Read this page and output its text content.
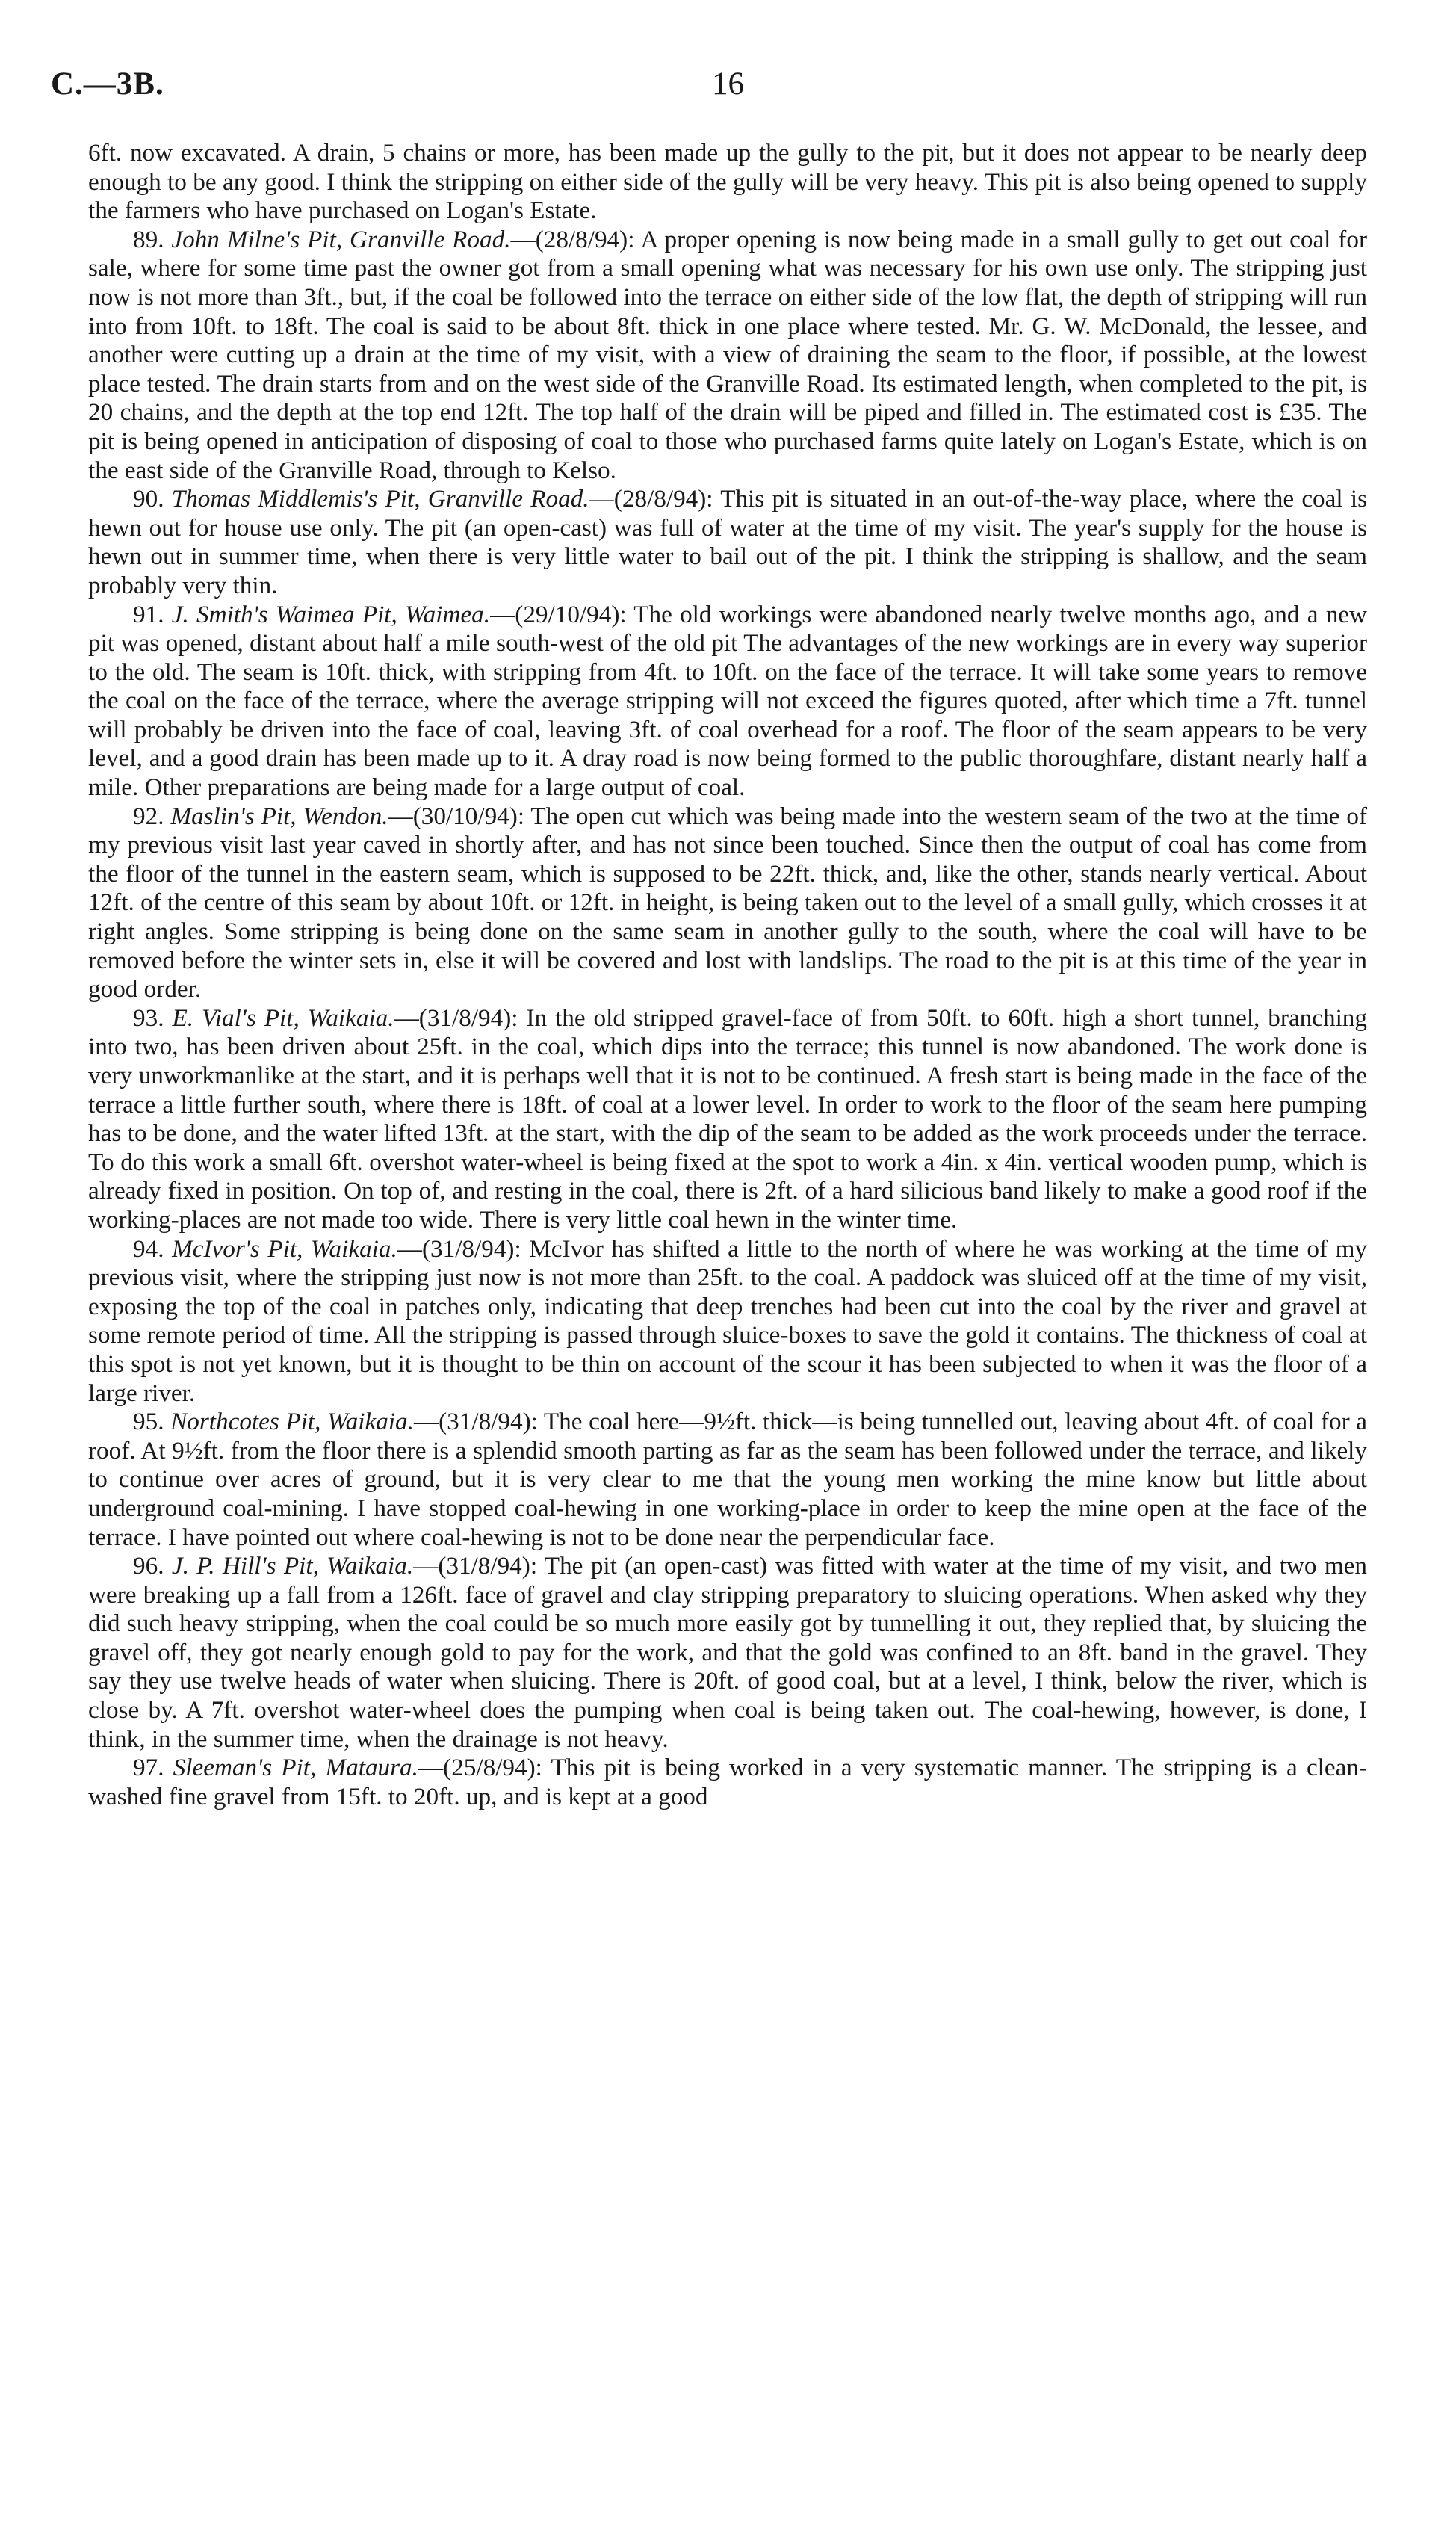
C.—3B.	16

6ft. now excavated. A drain, 5 chains or more, has been made up the gully to the pit, but it does not appear to be nearly deep enough to be any good. I think the stripping on either side of the gully will be very heavy. This pit is also being opened to supply the farmers who have purchased on Logan's Estate.

89. John Milne's Pit, Granville Road.—(28/8/94): A proper opening is now being made in a small gully to get out coal for sale, where for some time past the owner got from a small opening what was necessary for his own use only. The stripping just now is not more than 3ft., but, if the coal be followed into the terrace on either side of the low flat, the depth of stripping will run into from 10ft. to 18ft. The coal is said to be about 8ft. thick in one place where tested. Mr. G. W. McDonald, the lessee, and another were cutting up a drain at the time of my visit, with a view of draining the seam to the floor, if possible, at the lowest place tested. The drain starts from and on the west side of the Granville Road. Its estimated length, when completed to the pit, is 20 chains, and the depth at the top end 12ft. The top half of the drain will be piped and filled in. The estimated cost is £35. The pit is being opened in anticipation of disposing of coal to those who purchased farms quite lately on Logan's Estate, which is on the east side of the Granville Road, through to Kelso.

90. Thomas Middlemis's Pit, Granville Road.—(28/8/94): This pit is situated in an out-of-the-way place, where the coal is hewn out for house use only. The pit (an open-cast) was full of water at the time of my visit. The year's supply for the house is hewn out in summer time, when there is very little water to bail out of the pit. I think the stripping is shallow, and the seam probably very thin.

91. J. Smith's Waimea Pit, Waimea.—(29/10/94): The old workings were abandoned nearly twelve months ago, and a new pit was opened, distant about half a mile south-west of the old pit The advantages of the new workings are in every way superior to the old. The seam is 10ft. thick, with stripping from 4ft. to 10ft. on the face of the terrace. It will take some years to remove the coal on the face of the terrace, where the average stripping will not exceed the figures quoted, after which time a 7ft. tunnel will probably be driven into the face of coal, leaving 3ft. of coal overhead for a roof. The floor of the seam appears to be very level, and a good drain has been made up to it. A dray road is now being formed to the public thoroughfare, distant nearly half a mile. Other preparations are being made for a large output of coal.

92. Maslin's Pit, Wendon.—(30/10/94): The open cut which was being made into the western seam of the two at the time of my previous visit last year caved in shortly after, and has not since been touched. Since then the output of coal has come from the floor of the tunnel in the eastern seam, which is supposed to be 22ft. thick, and, like the other, stands nearly vertical. About 12ft. of the centre of this seam by about 10ft. or 12ft. in height, is being taken out to the level of a small gully, which crosses it at right angles. Some stripping is being done on the same seam in another gully to the south, where the coal will have to be removed before the winter sets in, else it will be covered and lost with landslips. The road to the pit is at this time of the year in good order.

93. E. Vial's Pit, Waikaia.—(31/8/94): In the old stripped gravel-face of from 50ft. to 60ft. high a short tunnel, branching into two, has been driven about 25ft. in the coal, which dips into the terrace; this tunnel is now abandoned. The work done is very unworkmanlike at the start, and it is perhaps well that it is not to be continued. A fresh start is being made in the face of the terrace a little further south, where there is 18ft. of coal at a lower level. In order to work to the floor of the seam here pumping has to be done, and the water lifted 13ft. at the start, with the dip of the seam to be added as the work proceeds under the terrace. To do this work a small 6ft. overshot water-wheel is being fixed at the spot to work a 4in. x 4in. vertical wooden pump, which is already fixed in position. On top of, and resting in the coal, there is 2ft. of a hard silicious band likely to make a good roof if the working-places are not made too wide. There is very little coal hewn in the winter time.

94. McIvor's Pit, Waikaia.—(31/8/94): McIvor has shifted a little to the north of where he was working at the time of my previous visit, where the stripping just now is not more than 25ft. to the coal. A paddock was sluiced off at the time of my visit, exposing the top of the coal in patches only, indicating that deep trenches had been cut into the coal by the river and gravel at some remote period of time. All the stripping is passed through sluice-boxes to save the gold it contains. The thickness of coal at this spot is not yet known, but it is thought to be thin on account of the scour it has been subjected to when it was the floor of a large river.

95. Northcotes Pit, Waikaia.—(31/8/94): The coal here—9½ft. thick—is being tunnelled out, leaving about 4ft. of coal for a roof. At 9½ft. from the floor there is a splendid smooth parting as far as the seam has been followed under the terrace, and likely to continue over acres of ground, but it is very clear to me that the young men working the mine know but little about underground coal-mining. I have stopped coal-hewing in one working-place in order to keep the mine open at the face of the terrace. I have pointed out where coal-hewing is not to be done near the perpendicular face.

96. J. P. Hill's Pit, Waikaia.—(31/8/94): The pit (an open-cast) was fitted with water at the time of my visit, and two men were breaking up a fall from a 126ft. face of gravel and clay stripping preparatory to sluicing operations. When asked why they did such heavy stripping, when the coal could be so much more easily got by tunnelling it out, they replied that, by sluicing the gravel off, they got nearly enough gold to pay for the work, and that the gold was confined to an 8ft. band in the gravel. They say they use twelve heads of water when sluicing. There is 20ft. of good coal, but at a level, I think, below the river, which is close by. A 7ft. overshot water-wheel does the pumping when coal is being taken out. The coal-hewing, however, is done, I think, in the summer time, when the drainage is not heavy.

97. Sleeman's Pit, Mataura.—(25/8/94): This pit is being worked in a very systematic manner. The stripping is a clean-washed fine gravel from 15ft. to 20ft. up, and is kept at a good
